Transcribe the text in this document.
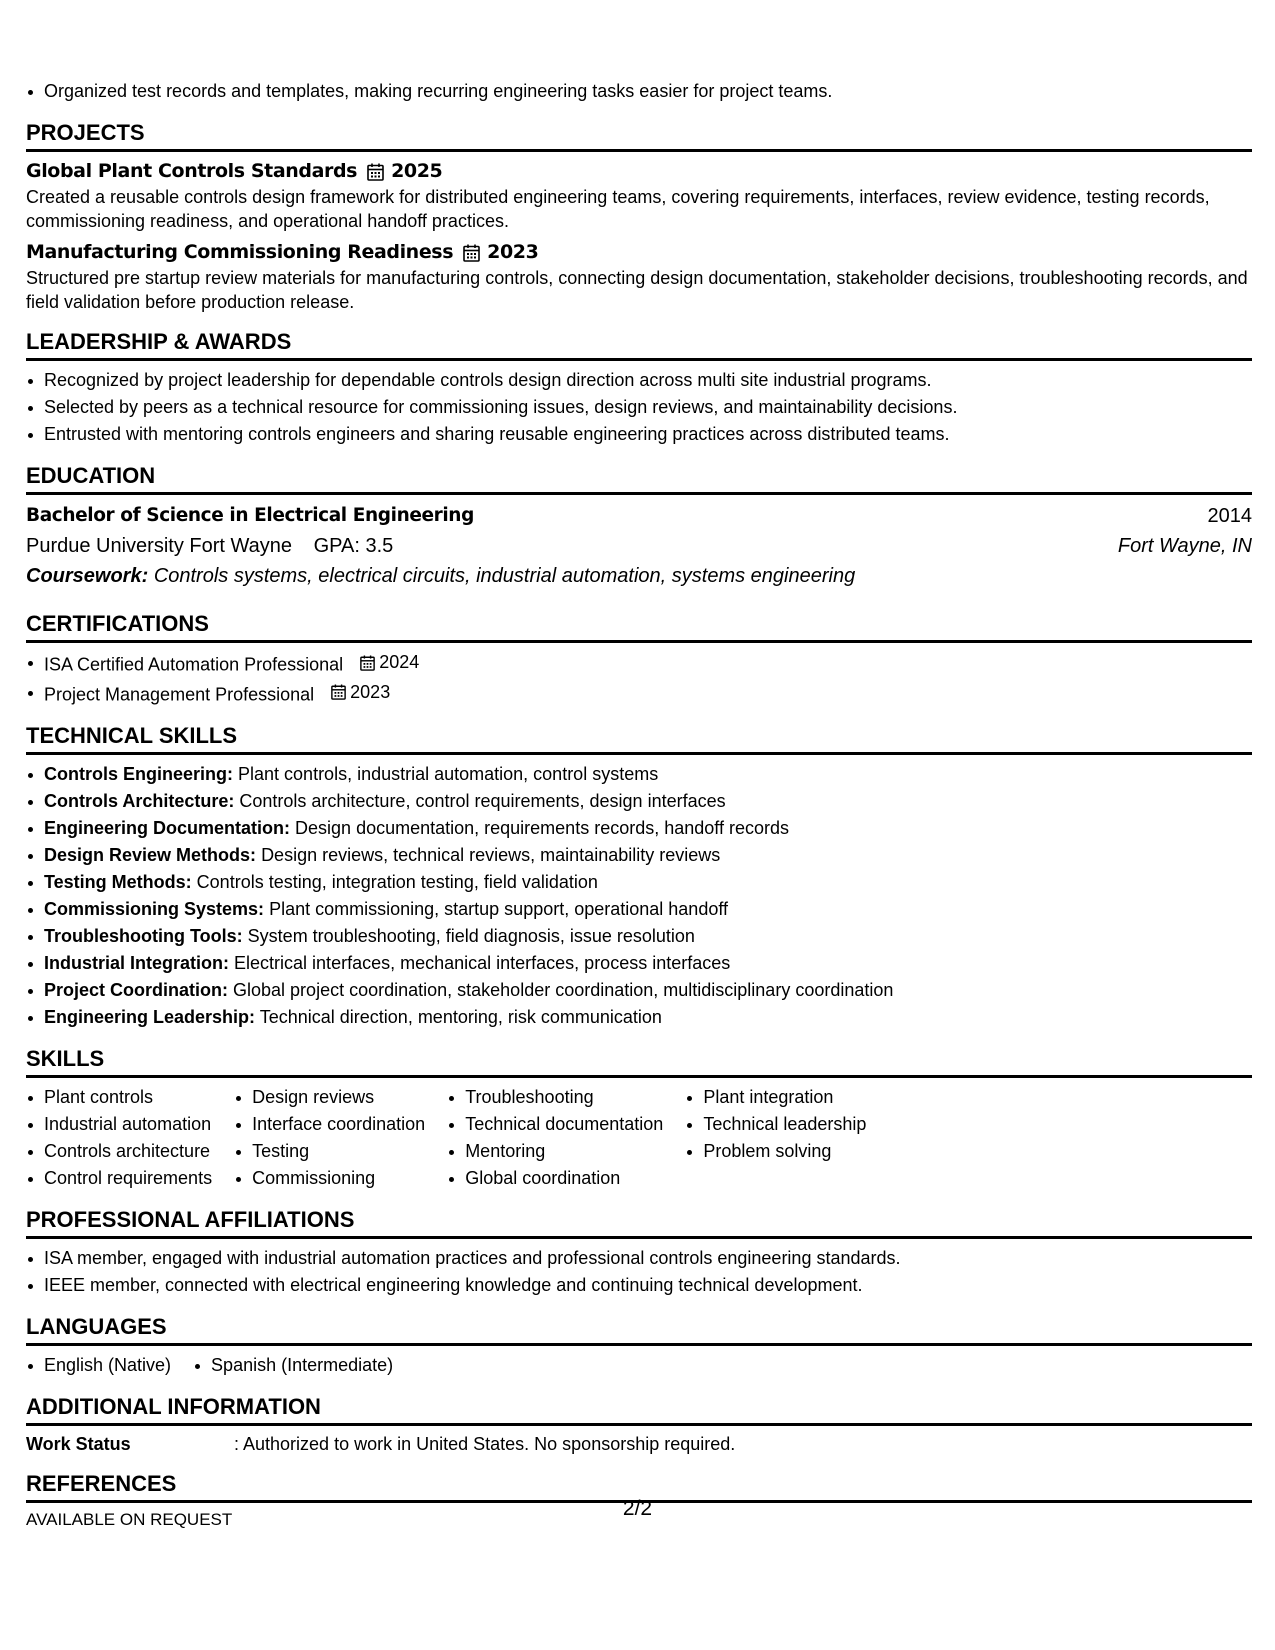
Organized test records and templates, making recurring engineering tasks easier for project teams.
PROJECTS
Global Plant Controls Standards 2025
Created a reusable controls design framework for distributed engineering teams, covering requirements, interfaces, review evidence, testing records, commissioning readiness, and operational handoff practices.
Manufacturing Commissioning Readiness 2023
Structured pre startup review materials for manufacturing controls, connecting design documentation, stakeholder decisions, troubleshooting records, and field validation before production release.
LEADERSHIP & AWARDS
Recognized by project leadership for dependable controls design direction across multi site industrial programs.
Selected by peers as a technical resource for commissioning issues, design reviews, and maintainability decisions.
Entrusted with mentoring controls engineers and sharing reusable engineering practices across distributed teams.
EDUCATION
Bachelor of Science in Electrical Engineering	2014
Purdue University Fort Wayne GPA: 3.5	Fort Wayne, IN
Coursework: Controls systems, electrical circuits, industrial automation, systems engineering
CERTIFICATIONS
ISA Certified Automation Professional 2024
Project Management Professional 2023
TECHNICAL SKILLS
Controls Engineering: Plant controls, industrial automation, control systems
Controls Architecture: Controls architecture, control requirements, design interfaces
Engineering Documentation: Design documentation, requirements records, handoff records
Design Review Methods: Design reviews, technical reviews, maintainability reviews
Testing Methods: Controls testing, integration testing, field validation
Commissioning Systems: Plant commissioning, startup support, operational handoff
Troubleshooting Tools: System troubleshooting, field diagnosis, issue resolution
Industrial Integration: Electrical interfaces, mechanical interfaces, process interfaces
Project Coordination: Global project coordination, stakeholder coordination, multidisciplinary coordination
Engineering Leadership: Technical direction, mentoring, risk communication
SKILLS
Plant controls
Industrial automation
Controls architecture
Control requirements
Design reviews
Interface coordination
Testing
Commissioning
Troubleshooting
Technical documentation
Mentoring
Global coordination
Plant integration
Technical leadership
Problem solving
PROFESSIONAL AFFILIATIONS
ISA member, engaged with industrial automation practices and professional controls engineering standards.
IEEE member, connected with electrical engineering knowledge and continuing technical development.
LANGUAGES
English (Native)	Spanish (Intermediate)
ADDITIONAL INFORMATION
Work Status	: Authorized to work in United States. No sponsorship required.
REFERENCES
AVAILABLE ON REQUEST	2/2
